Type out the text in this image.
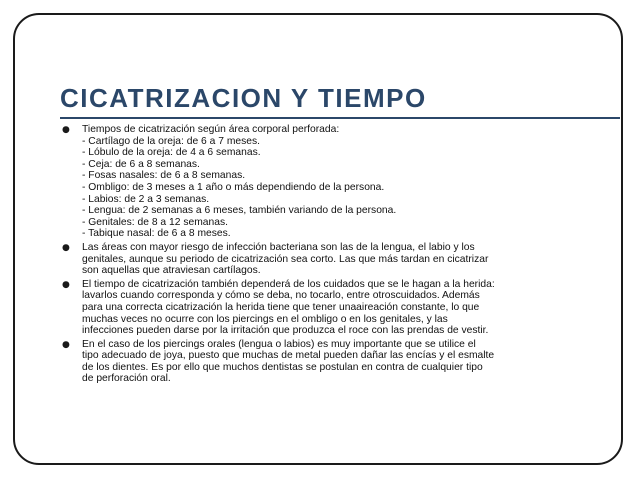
CICATRIZACION Y TIEMPO
● Tiempos de cicatrización según área corporal perforada:
- Cartílago de la oreja: de 6 a 7 meses.
- Lóbulo de la oreja: de 4 a 6 semanas.
- Ceja: de 6 a 8 semanas.
- Fosas nasales: de 6 a 8 semanas.
- Ombligo: de 3 meses a 1 año o más dependiendo de la persona.
- Labios: de 2 a 3 semanas.
- Lengua: de 2 semanas a 6 meses, también variando de la persona.
- Genitales: de 8 a 12 semanas.
- Tabique nasal: de 6 a 8 meses.
● Las áreas con mayor riesgo de infección bacteriana son las de la lengua, el labio y los
genitales, aunque su periodo de cicatrización sea corto. Las que más tardan en cicatrizar
son aquellas que atraviesan cartílagos.
● El tiempo de cicatrización también dependerá de los cuidados que se le hagan a la herida:
lavarlos cuando corresponda y cómo se deba, no tocarlo, entre otroscuidados. Además
para una correcta cicatrización la herida tiene que tener unaaireación constante, lo que
muchas veces no ocurre con los piercings en el ombligo o en los genitales, y las
infecciones pueden darse por la irritación que produzca el roce con las prendas de vestir.
● En el caso de los piercings orales (lengua o labios) es muy importante que se utilice el
tipo adecuado de joya, puesto que muchas de metal pueden dañar las encías y el esmalte
de los dientes. Es por ello que muchos dentistas se postulan en contra de cualquier tipo
de perforación oral.
